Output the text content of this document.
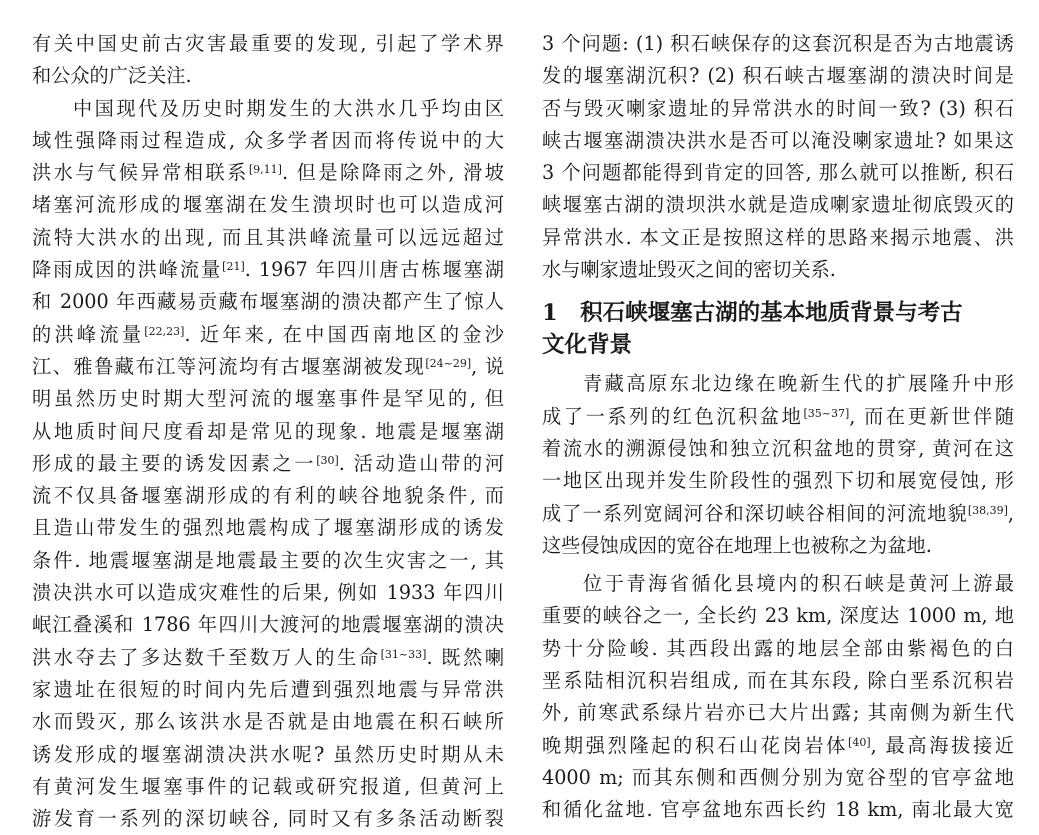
有关中国史前古灾害最重要的发现, 引起了学术界
和公众的广泛关注.
中国现代及历史时期发生的大洪水几乎均由区
域性强降雨过程造成, 众多学者因而将传说中的大
洪水与气候异常相联系[9,11]. 但是除降雨之外, 滑坡
堵塞河流形成的堰塞湖在发生溃坝时也可以造成河
流特大洪水的出现, 而且其洪峰流量可以远远超过
降雨成因的洪峰流量[21]. 1967 年四川唐古栋堰塞湖
和 2000 年西藏易贡藏布堰塞湖的溃决都产生了惊人
的洪峰流量[22,23]. 近年来, 在中国西南地区的金沙
江、雅鲁藏布江等河流均有古堰塞湖被发现[24~29], 说
明虽然历史时期大型河流的堰塞事件是罕见的, 但
从地质时间尺度看却是常见的现象. 地震是堰塞湖
形成的最主要的诱发因素之一[30]. 活动造山带的河
流不仅具备堰塞湖形成的有利的峡谷地貌条件, 而
且造山带发生的强烈地震构成了堰塞湖形成的诱发
条件. 地震堰塞湖是地震最主要的次生灾害之一, 其
溃决洪水可以造成灾难性的后果, 例如 1933 年四川
岷江叠溪和 1786 年四川大渡河的地震堰塞湖的溃决
洪水夺去了多达数千至数万人的生命[31~33]. 既然喇
家遗址在很短的时间内先后遭到强烈地震与异常洪
水而毁灭, 那么该洪水是否就是由地震在积石峡所
诱发形成的堰塞湖溃决洪水呢? 虽然历史时期从未
有黄河发生堰塞事件的记载或研究报道, 但黄河上
游发育一系列的深切峡谷, 同时又有多条活动断裂
3 个问题: (1) 积石峡保存的这套沉积是否为古地震诱
发的堰塞湖沉积? (2) 积石峡古堰塞湖的溃决时间是
否与毁灭喇家遗址的异常洪水的时间一致? (3) 积石
峡古堰塞湖溃决洪水是否可以淹没喇家遗址? 如果这
3 个问题都能得到肯定的回答, 那么就可以推断, 积石
峡堰塞古湖的溃坝洪水就是造成喇家遗址彻底毁灭的
异常洪水. 本文正是按照这样的思路来揭示地震、洪
水与喇家遗址毁灭之间的密切关系.
1　积石峡堰塞古湖的基本地质背景与考古
文化背景
青藏高原东北边缘在晚新生代的扩展隆升中形
成了一系列的红色沉积盆地[35~37], 而在更新世伴随
着流水的溯源侵蚀和独立沉积盆地的贯穿, 黄河在这
一地区出现并发生阶段性的强烈下切和展宽侵蚀, 形
成了一系列宽阔河谷和深切峡谷相间的河流地貌[38,39],
这些侵蚀成因的宽谷在地理上也被称之为盆地.
位于青海省循化县境内的积石峡是黄河上游最
重要的峡谷之一, 全长约 23 km, 深度达 1000 m, 地
势十分险峻. 其西段出露的地层全部由紫褐色的白
垩系陆相沉积岩组成, 而在其东段, 除白垩系沉积岩
外, 前寒武系绿片岩亦已大片出露; 其南侧为新生代
晚期强烈隆起的积石山花岗岩体[40], 最高海拔接近
4000 m; 而其东侧和西侧分别为宽谷型的官亭盆地
和循化盆地. 官亭盆地东西长约 18 km, 南北最大宽
